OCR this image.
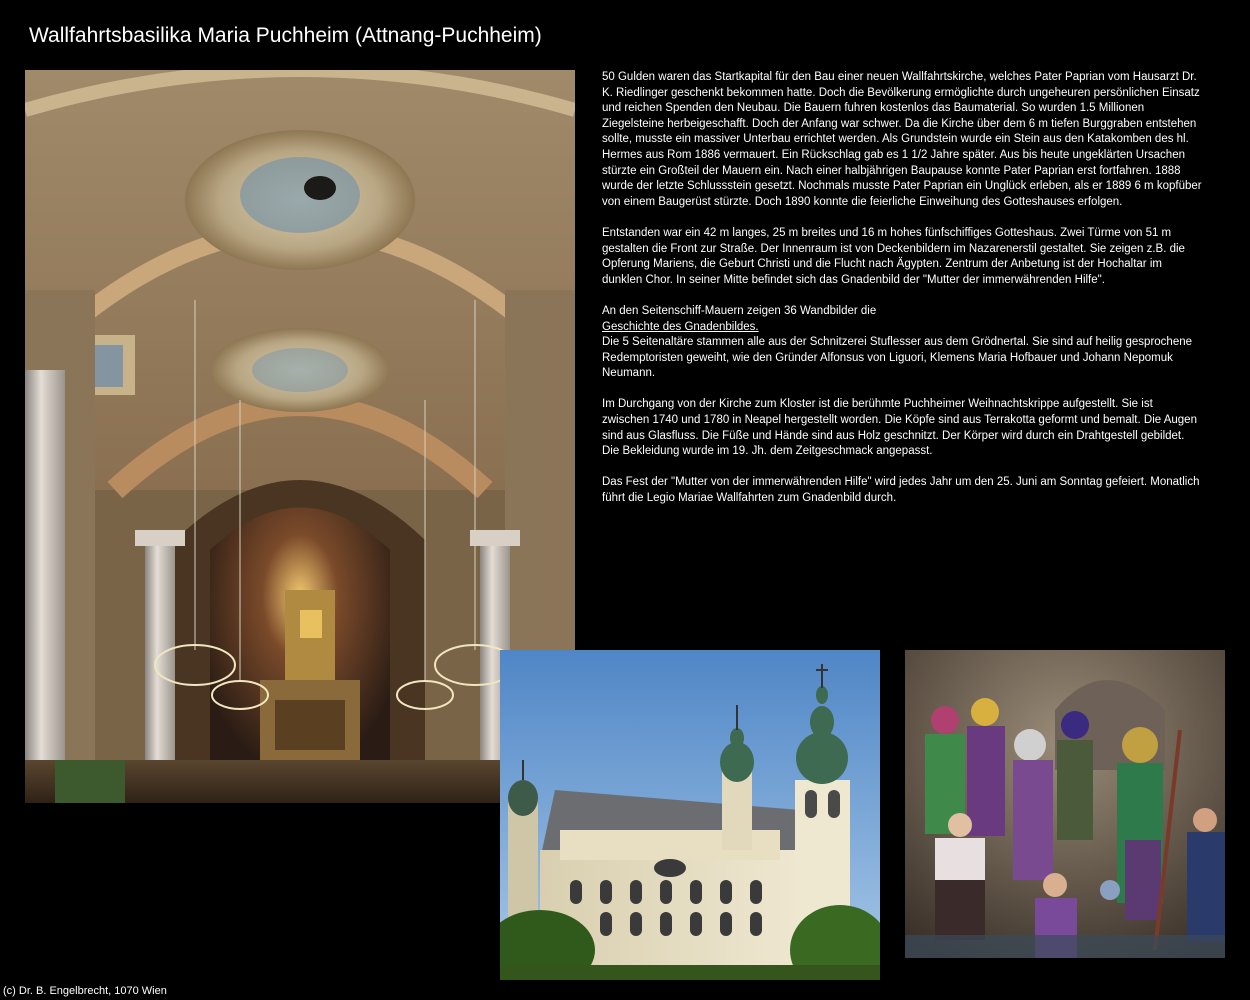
Wallfahrtsbasilika Maria Puchheim (Attnang-Puchheim)

50 Gulden waren das Startkapital für den Bau einer neuen Wallfahrtskirche, welches Pater Paprian vom Hausarzt Dr. K. Riedlinger geschenkt bekommen hatte. Doch die Bevölkerung ermöglichte durch ungeheuren persönlichen Einsatz und reichen Spenden den Neubau. Die Bauern fuhren kostenlos das Baumaterial. So wurden 1.5 Millionen Ziegelsteine herbeigeschafft. Doch der Anfang war schwer. Da die Kirche über dem 6 m tiefen Burggraben entstehen sollte, musste ein massiver Unterbau errichtet werden. Als Grundstein wurde ein Stein aus den Katakomben des hl. Hermes aus Rom 1886 vermauert. Ein Rückschlag gab es 1 1/2 Jahre später. Aus bis heute ungeklärten Ursachen stürzte ein Großteil der Mauern ein. Nach einer halbjährigen Baupause konnte Pater Paprian erst fortfahren. 1888 wurde der letzte Schlussstein gesetzt. Nochmals musste Pater Paprian ein Unglück erleben, als er 1889 6 m kopfüber von einem Baugerüst stürzte. Doch 1890 konnte die feierliche Einweihung des Gotteshauses erfolgen.

Entstanden war ein 42 m langes, 25 m breites und 16 m hohes fünfschiffiges Gotteshaus. Zwei Türme von 51 m gestalten die Front zur Straße. Der Innenraum ist von Deckenbildern im Nazarenerstil gestaltet. Sie zeigen z.B. die Opferung Mariens, die Geburt Christi und die Flucht nach Ägypten. Zentrum der Anbetung ist der Hochaltar im dunklen Chor. In seiner Mitte befindet sich das Gnadenbild der "Mutter der immerwährenden Hilfe".

An den Seitenschiff-Mauern zeigen 36 Wandbilder die
Geschichte des Gnadenbildes.
Die 5 Seitenaltäre stammen alle aus der Schnitzerei Stuflesser aus dem Grödnertal. Sie sind auf heilig gesprochene Redemptoristen geweiht, wie den Gründer Alfonsus von Liguori, Klemens Maria Hofbauer und Johann Nepomuk Neumann.

Im Durchgang von der Kirche zum Kloster ist die berühmte Puchheimer Weihnachtskrippe aufgestellt. Sie ist zwischen 1740 und 1780 in Neapel hergestellt worden. Die Köpfe sind aus Terrakotta geformt und bemalt. Die Augen sind aus Glasfluss. Die Füße und Hände sind aus Holz geschnitzt. Der Körper wird durch ein Drahtgestell gebildet. Die Bekleidung wurde im 19. Jh. dem Zeitgeschmack angepasst.

Das Fest der "Mutter von der immerwährenden Hilfe" wird jedes Jahr um den 25. Juni am Sonntag gefeiert. Monatlich führt die Legio Mariae Wallfahrten zum Gnadenbild durch.

(c) Dr. B. Engelbrecht, 1070 Wien
